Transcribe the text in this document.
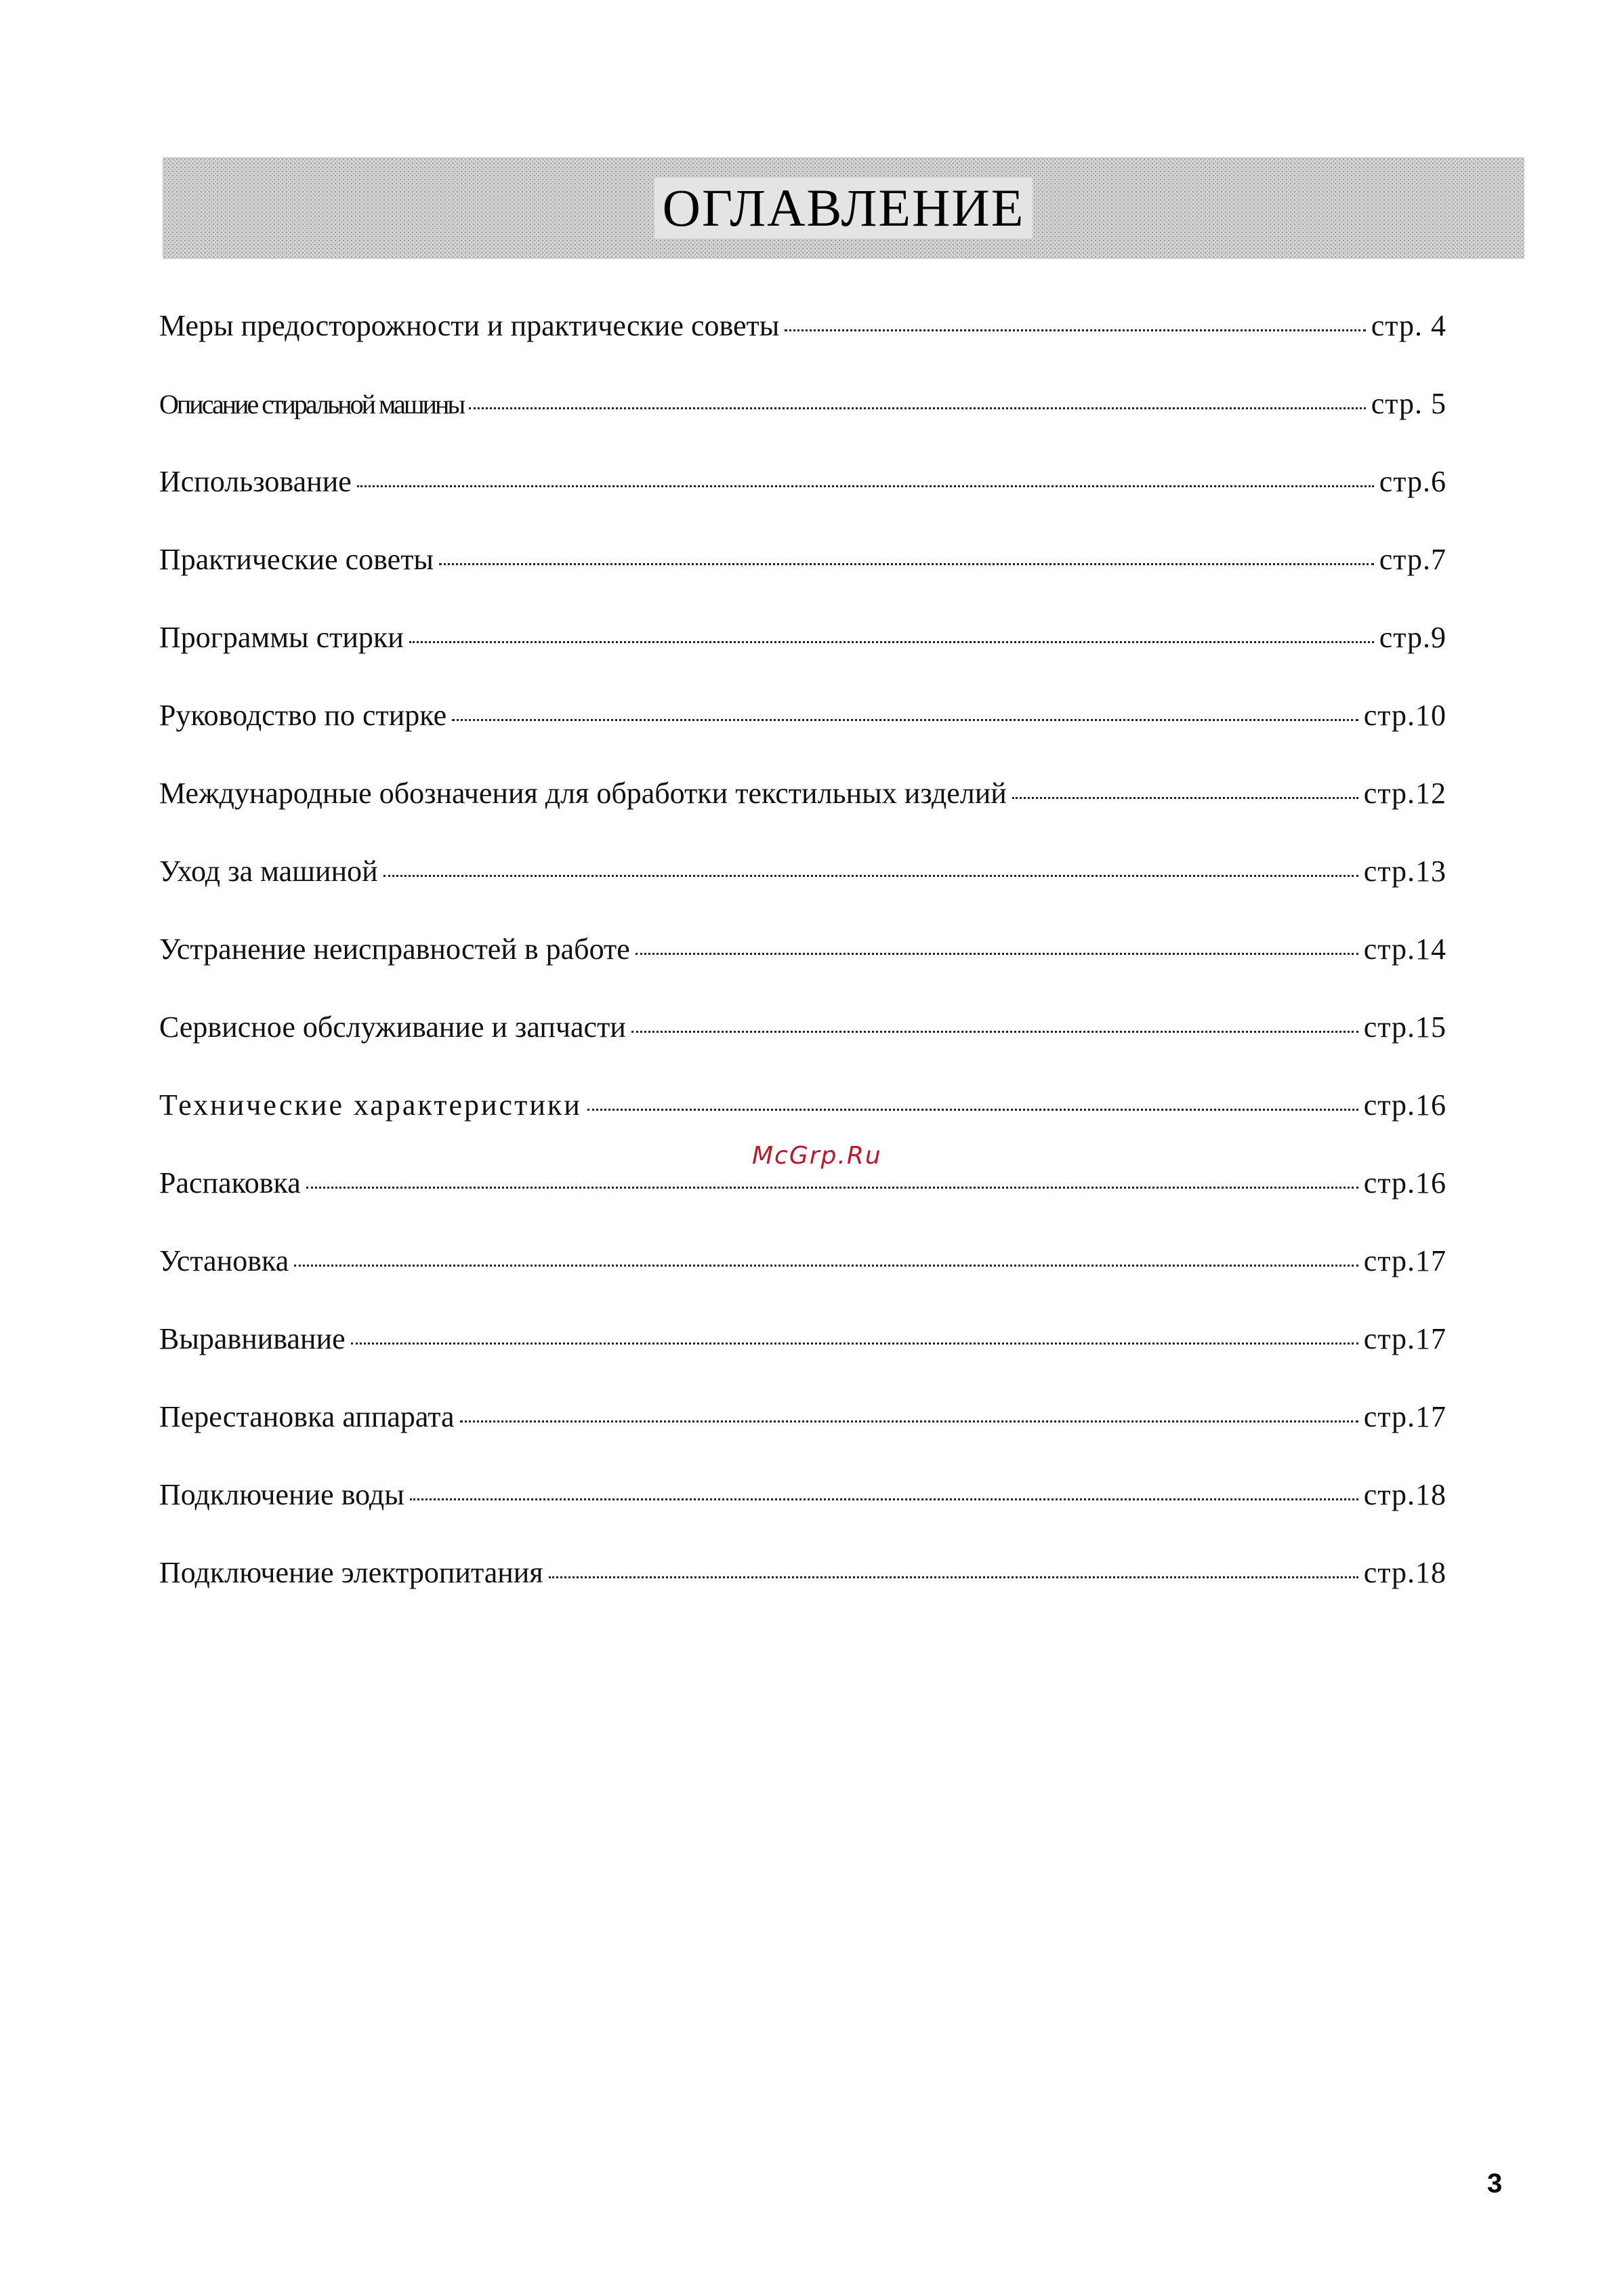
ОГЛАВЛЕНИЕ
Меры предосторожности и практические советы	стр. 4
Описание стиральной машины	стр. 5
Использование	стр.6
Практические советы	стр.7
Программы стирки	стр.9
Руководство по стирке	стр.10
Международные обозначения для обработки текстильных изделий	стр.12
Уход за машиной	стр.13
Устранение неисправностей в работе	стр.14
Сервисное обслуживание и запчасти	стр.15
Технические характеристики	стр.16
Распаковка	стр.16
Установка	стр.17
Выравнивание	стр.17
Перестановка аппарата	стр.17
Подключение воды	стр.18
Подключение электропитания	стр.18
McGrp.Ru
3
